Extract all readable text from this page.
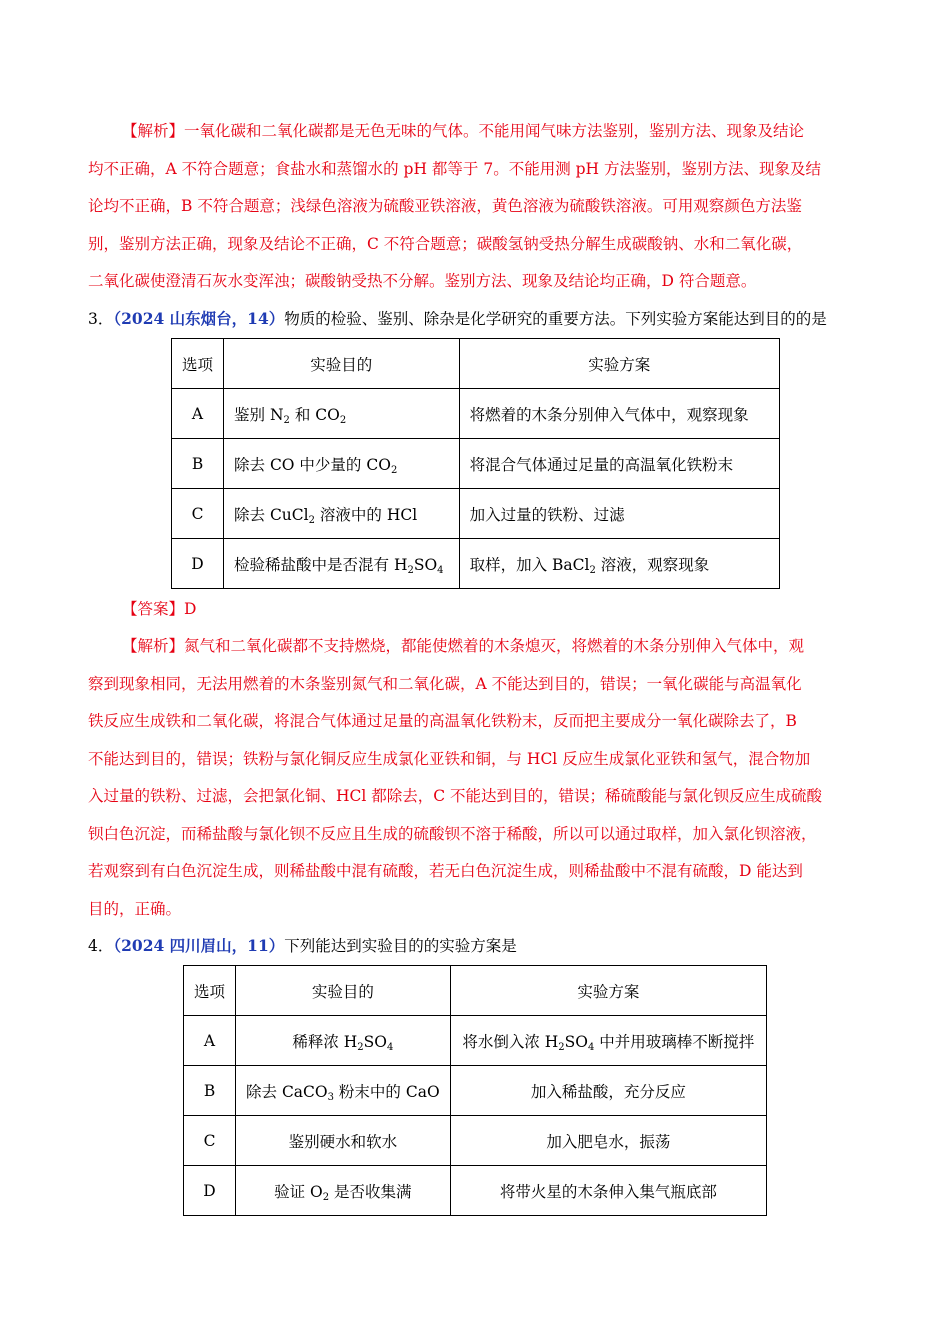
【解析】一氧化碳和二氧化碳都是无色无味的气体。不能用闻气味方法鉴别，鉴别方法、现象及结论
均不正确，A 不符合题意；食盐水和蒸馏水的 pH 都等于 7。不能用测 pH 方法鉴别，鉴别方法、现象及结
论均不正确，B 不符合题意；浅绿色溶液为硫酸亚铁溶液，黄色溶液为硫酸铁溶液。可用观察颜色方法鉴
别，鉴别方法正确，现象及结论不正确，C 不符合题意；碳酸氢钠受热分解生成碳酸钠、水和二氧化碳，
二氧化碳使澄清石灰水变浑浊；碳酸钠受热不分解。鉴别方法、现象及结论均正确，D 符合题意。
3．（2024 山东烟台，14）物质的检验、鉴别、除杂是化学研究的重要方法。下列实验方案能达到目的的是
选项	实验目的	实验方案
A	鉴别 $N_2$ 和 $CO_2$	将燃着的木条分别伸入气体中，观察现象
B	除去 CO 中少量的 $CO_2$	将混合气体通过足量的高温氧化铁粉末
C	除去 CuCl$_2$ 溶液中的 HCl	加入过量的铁粉、过滤
D	检验稀盐酸中是否混有 $H_2SO_4$	取样，加入 BaCl$_2$ 溶液，观察现象
【答案】D
【解析】氮气和二氧化碳都不支持燃烧，都能使燃着的木条熄灭，将燃着的木条分别伸入气体中，观
察到现象相同，无法用燃着的木条鉴别氮气和二氧化碳，A 不能达到目的，错误；一氧化碳能与高温氧化
铁反应生成铁和二氧化碳，将混合气体通过足量的高温氧化铁粉末，反而把主要成分一氧化碳除去了，B
不能达到目的，错误；铁粉与氯化铜反应生成氯化亚铁和铜，与 HCl 反应生成氯化亚铁和氢气，混合物加
入过量的铁粉、过滤，会把氯化铜、HCl 都除去，C 不能达到目的，错误；稀硫酸能与氯化钡反应生成硫酸
钡白色沉淀，而稀盐酸与氯化钡不反应且生成的硫酸钡不溶于稀酸，所以可以通过取样，加入氯化钡溶液，
若观察到有白色沉淀生成，则稀盐酸中混有硫酸，若无白色沉淀生成，则稀盐酸中不混有硫酸，D 能达到
目的，正确。
4．（2024 四川眉山，11）下列能达到实验目的的实验方案是
选项	实验目的	实验方案
A	稀释浓 $H_2SO_4$	将水倒入浓 $H_2SO_4$ 中并用玻璃棒不断搅拌
B	除去 CaCO$_3$ 粉末中的 CaO	加入稀盐酸，充分反应
C	鉴别硬水和软水	加入肥皂水，振荡
D	验证 $O_2$ 是否收集满	将带火星的木条伸入集气瓶底部
